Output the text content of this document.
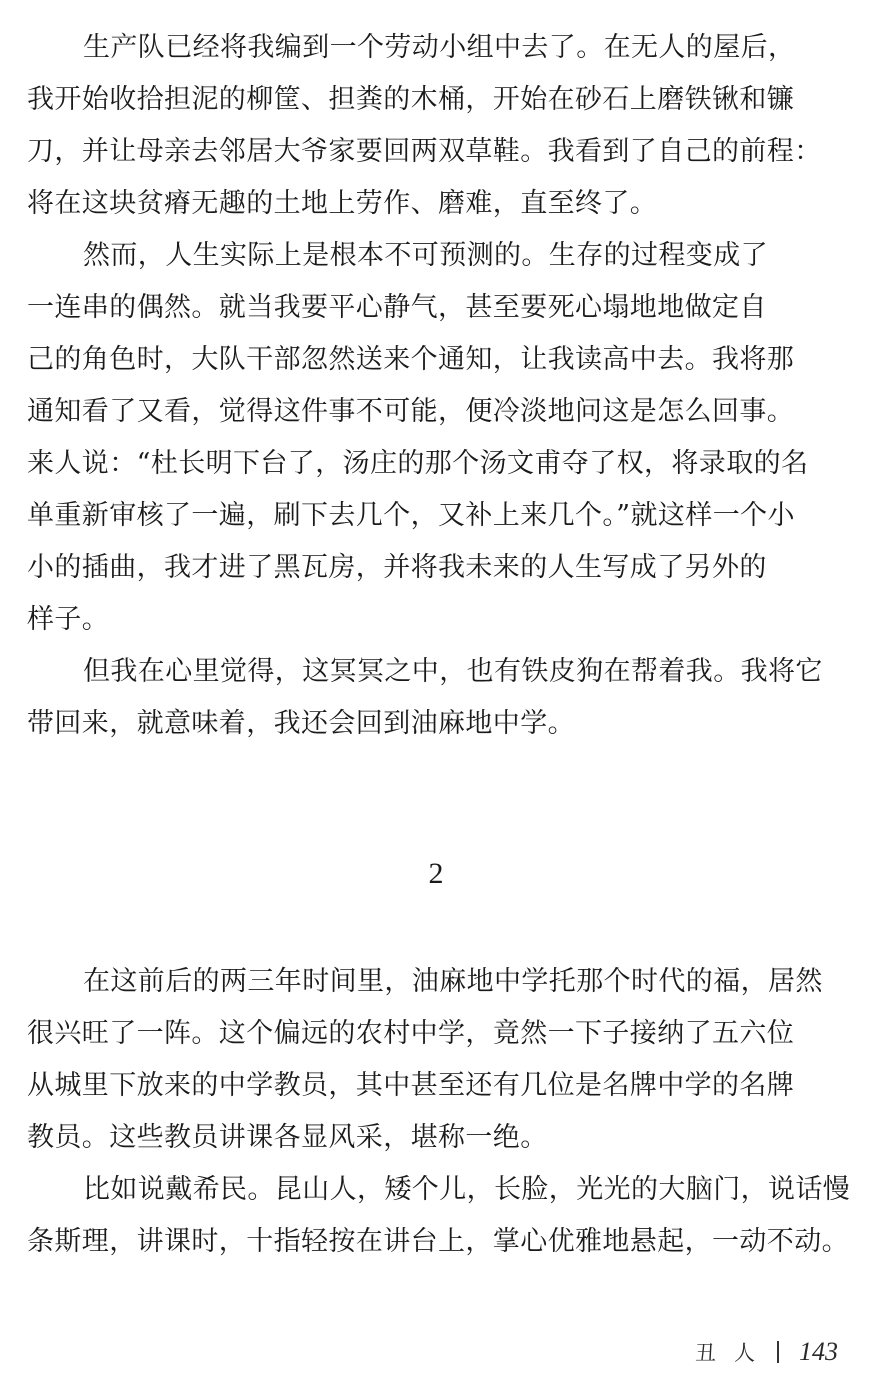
生产队已经将我编到一个劳动小组中去了。在无人的屋后，
我开始收拾担泥的柳筐、担粪的木桶，开始在砂石上磨铁锹和镰
刀，并让母亲去邻居大爷家要回两双草鞋。我看到了自己的前程：
将在这块贫瘠无趣的土地上劳作、磨难，直至终了。
然而，人生实际上是根本不可预测的。生存的过程变成了
一连串的偶然。就当我要平心静气，甚至要死心塌地地做定自
己的角色时，大队干部忽然送来个通知，让我读高中去。我将那
通知看了又看，觉得这件事不可能，便冷淡地问这是怎么回事。
来人说：“杜长明下台了，汤庄的那个汤文甫夺了权，将录取的名
单重新审核了一遍，刷下去几个，又补上来几个。”就这样一个小
小的插曲，我才进了黑瓦房，并将我未来的人生写成了另外的
样子。
但我在心里觉得，这冥冥之中，也有铁皮狗在帮着我。我将它
带回来，就意味着，我还会回到油麻地中学。
2
在这前后的两三年时间里，油麻地中学托那个时代的福，居然
很兴旺了一阵。这个偏远的农村中学，竟然一下子接纳了五六位
从城里下放来的中学教员，其中甚至还有几位是名牌中学的名牌
教员。这些教员讲课各显风采，堪称一绝。
比如说戴希民。昆山人，矮个儿，长脸，光光的大脑门，说话慢
条斯理，讲课时，十指轻按在讲台上，掌心优雅地悬起，一动不动。
丑人 143
